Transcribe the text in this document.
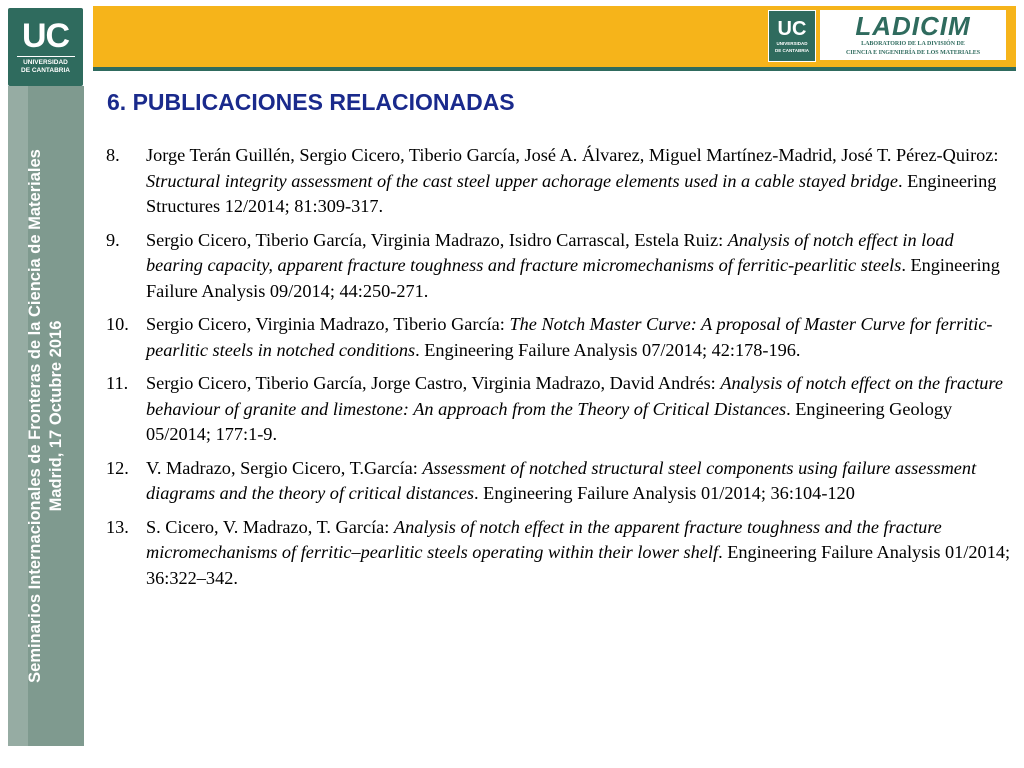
UC
UNIVERSIDAD
DE CANTABRIA
UC
UNIVERSIDAD
DE CANTABRIA
LADICIM
LABORATORIO DE LA DIVISIÓN DE
CIENCIA E INGENIERÍA DE LOS MATERIALES
Seminarios Internacionales de Fronteras de la Ciencia de Materiales Madrid, 17 Octubre 2016
6. PUBLICACIONES RELACIONADAS
8. Jorge Terán Guillén, Sergio Cicero, Tiberio García, José A. Álvarez, Miguel Martínez-Madrid, José T. Pérez-Quiroz: Structural integrity assessment of the cast steel upper achorage elements used in a cable stayed bridge. Engineering Structures 12/2014; 81:309-317.
9. Sergio Cicero, Tiberio García, Virginia Madrazo, Isidro Carrascal, Estela Ruiz: Analysis of notch effect in load bearing capacity, apparent fracture toughness and fracture micromechanisms of ferritic-pearlitic steels. Engineering Failure Analysis 09/2014; 44:250-271.
10. Sergio Cicero, Virginia Madrazo, Tiberio García: The Notch Master Curve: A proposal of Master Curve for ferritic-pearlitic steels in notched conditions. Engineering Failure Analysis 07/2014; 42:178-196.
11. Sergio Cicero, Tiberio García, Jorge Castro, Virginia Madrazo, David Andrés: Analysis of notch effect on the fracture behaviour of granite and limestone: An approach from the Theory of Critical Distances. Engineering Geology 05/2014; 177:1-9.
12. V. Madrazo, Sergio Cicero, T.García: Assessment of notched structural steel components using failure assessment diagrams and the theory of critical distances. Engineering Failure Analysis 01/2014; 36:104-120
13. S. Cicero, V. Madrazo, T. García: Analysis of notch effect in the apparent fracture toughness and the fracture micromechanisms of ferritic–pearlitic steels operating within their lower shelf. Engineering Failure Analysis 01/2014; 36:322–342.
